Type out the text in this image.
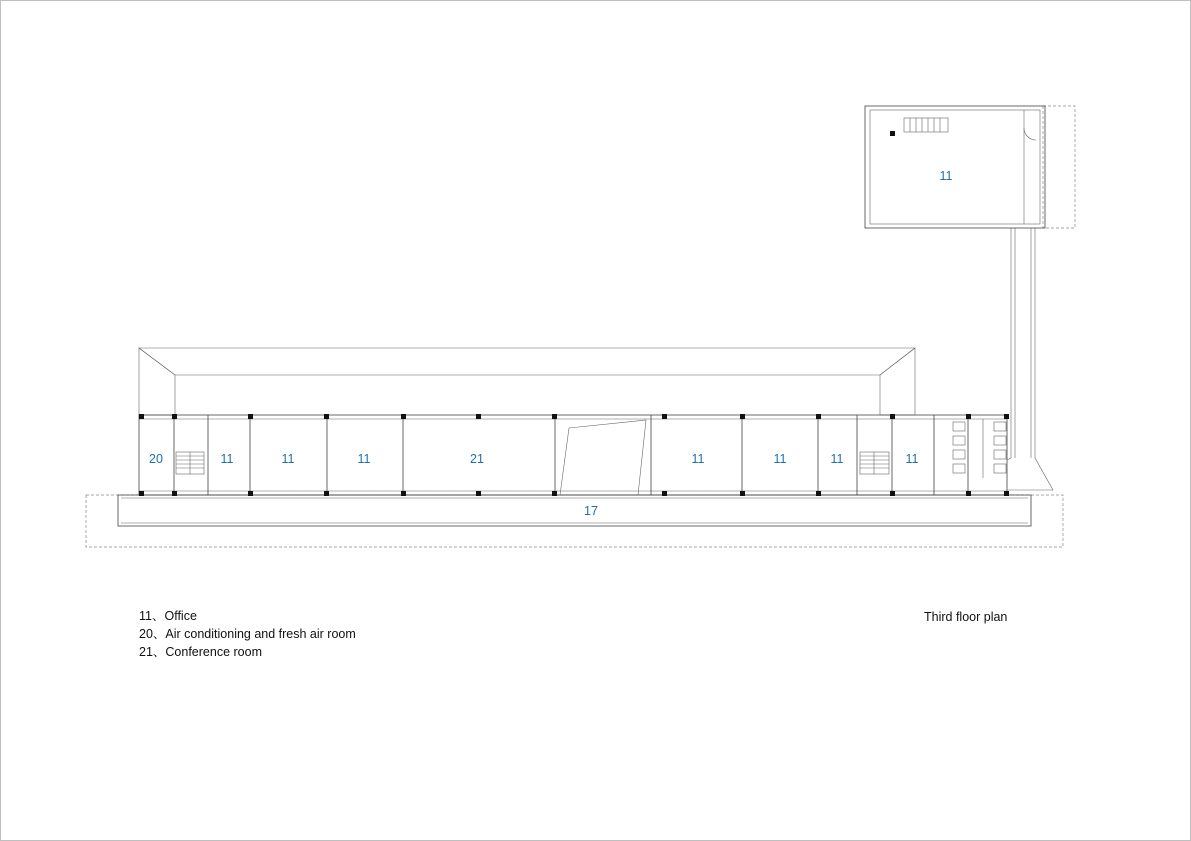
20	11	11	11	21	11	11	11	11
17
11
11、Office
20、Air conditioning and fresh air room
21、Conference room
Third floor plan
